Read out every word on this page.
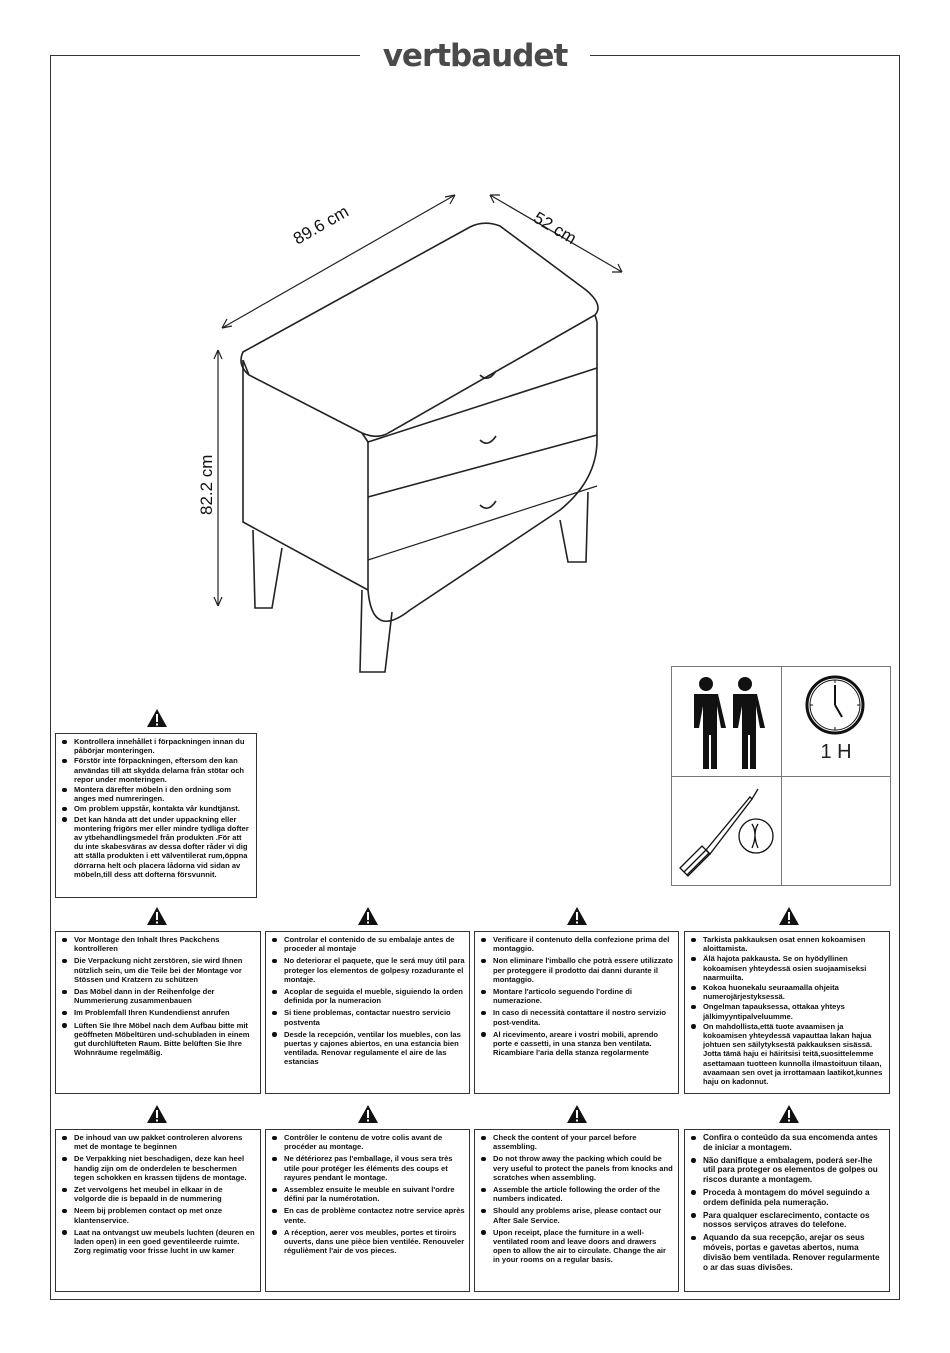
vertbaudet
89.6 cm	52 cm
82.2 cm
1 H
Kontrollera innehållet i förpackningen innan du påbörjar monteringen.
Förstör inte förpackningen, eftersom den kan användas till att skydda delarna från stötar och repor under monteringen.
Montera därefter möbeln i den ordning som anges med numreringen.
Om problem uppstår, kontakta vår kundtjänst.
Det kan hända att det under uppackning eller montering frigörs mer eller mindre tydliga dofter av ytbehandlingsmedel från produkten .För att du inte skabesväras av dessa dofter råder vi dig att ställa produkten i ett välventilerat rum,öppna dörrarna helt och placera lådorna vid sidan av möbeln,till dess att dofterna försvunnit.
Vor Montage den Inhalt Ihres Packchens kontrolleren
Die Verpackung nicht zerstören, sie wird Ihnen nützlich sein, um die Teile bei der Montage vor Stössen und Kratzern zu schützen
Das Möbel dann in der Reihenfolge der Nummerierung zusammenbauen
Im Problemfall Ihren Kundendienst anrufen
Lüften Sie Ihre Möbel nach dem Aufbau bitte mit geöffneten Möbeltüren und-schubladen in einem gut durchlüfteten Raum. Bitte belüften Sie Ihre Wohnräume regelmäßig.
Controlar el contenido de su embalaje antes de proceder al montaje
No deteriorar el paquete, que le será muy útil para proteger los elementos de golpesy rozadurante el montaje.
Acoplar de seguida el mueble, siguiendo la orden definida por la numeracion
Si tiene problemas, contactar nuestro servicio postventa
Desde la recepción, ventilar los muebles, con las puertas y cajones abiertos, en una estancia bien ventilada. Renovar regulamente el aire de las estancias
Verificare il contenuto della confezione prima del montaggio.
Non eliminare l'imballo che potrà essere utilizzato per proteggere il prodotto dai danni durante il montaggio.
Montare l'articolo seguendo l'ordine di numerazione.
In caso di necessità contattare il nostro servizio post-vendita.
Al ricevimento, areare i vostri mobili, aprendo porte e cassetti, in una stanza ben ventilata. Ricambiare l'aria della stanza regolarmente
Tarkista pakkauksen osat ennen kokoamisen aloittamista.
Älä hajota pakkausta. Se on hyödyllinen kokoamisen yhteydessä osien suojaamiseksi naarmuilta.
Kokoa huonekalu seuraamalla ohjeita numerojärjestyksessä.
Ongelman tapauksessa, ottakaa yhteys jälkimyyntipalveluumme.
On mahdollista,että tuote avaamisen ja kokoamisen yhteydessä vapauttaa lakan hajua johtuen sen säilytyksestä pakkauksen sisässä. Jotta tämä haju ei häiritsisi teitä,suosittelemme asettamaan tuotteen kunnolla ilmastoituun tilaan, avaamaan sen ovet ja irrottamaan laatikot,kunnes haju on kadonnut.
De inhoud van uw pakket controleren alvorens met de montage te beginnen
De Verpakking niet beschadigen, deze kan heel handig zijn om de onderdelen te beschermen tegen schokken en krassen tijdens de montage.
Zet vervolgens het meubel in elkaar in de volgorde die is bepaald in de nummering
Neem bij problemen contact op met onze klantenservice.
Laat na ontvangst uw meubels luchten (deuren en laden open) in een goed geventileerde ruimte. Zorg regimatig voor frisse lucht in uw kamer
Contrôler le contenu de votre colis avant de procéder au montage.
Ne détériorez pas l'emballage, il vous sera très utile pour protéger les éléments des coups et rayures pendant le montage.
Assemblez ensuite le meuble en suivant l'ordre défini par la numérotation.
En cas de problème contactez notre service après vente.
A réception, aerer vos meubles, portes et tiroirs ouverts, dans une pièce bien ventilée. Renouveler régulièment l'air de vos pieces.
Check the content of your parcel before assembling.
Do not throw away the packing which could be very useful to protect the panels from knocks and scratches when assembling.
Assemble the article following the order of the numbers indicated.
Should any problems arise, please contact our After Sale Service.
Upon receipt, place the furniture in a well-ventilated room and leave doors and drawers open to allow the air to circulate. Change the air in your rooms on a regular basis.
Confira o conteúdo da sua encomenda antes de iniciar a montagem.
Não danifique a embalagem, poderá ser-lhe util para proteger os elementos de golpes ou riscos durante a montagem.
Proceda à montagem do móvel seguindo a ordem definida pela numeração.
Para qualquer esclarecimento, contacte os nossos serviços atraves do telefone.
Aquando da sua recepção, arejar os seus móveis, portas e gavetas abertos, numa divisão bem ventilada. Renover regularmente o ar das suas divisões.
